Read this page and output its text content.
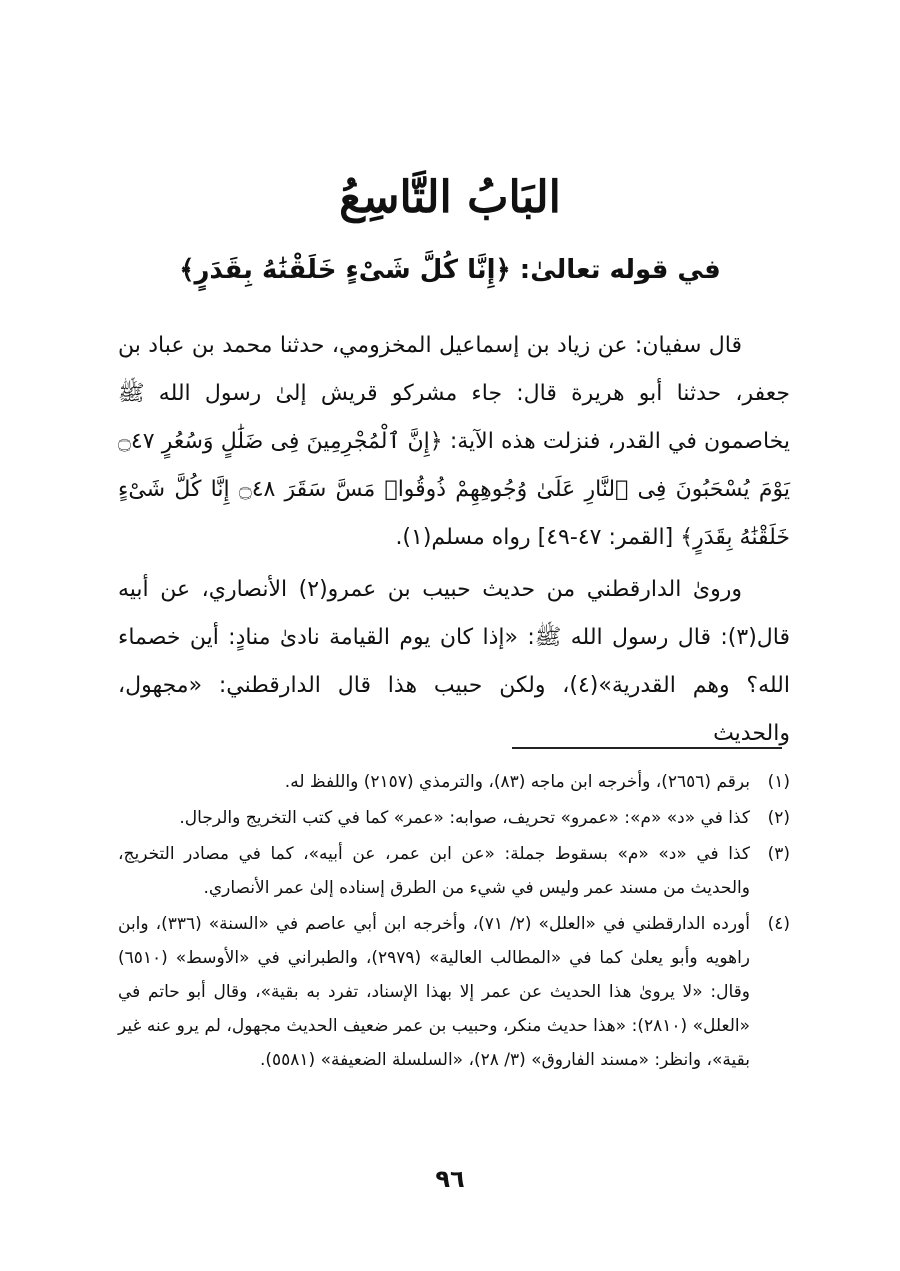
البَابُ التَّاسِعُ
في قوله تعالىٰ: ﴿إِنَّا كُلَّ شَىْءٍ خَلَقْنَٰهُ بِقَدَرٍ﴾

قال سفيان: عن زياد بن إسماعيل المخزومي، حدثنا محمد بن عباد بن جعفر، حدثنا أبو هريرة قال: جاء مشركو قريش إلىٰ رسول الله ﷺ يخاصمون في القدر، فنزلت هذه الآية: ﴿إِنَّ ٱلْمُجْرِمِينَ فِى ضَلَٰلٍ وَسُعُرٍ ۝٤٧ يَوْمَ يُسْحَبُونَ فِى ٱلنَّارِ عَلَىٰ وُجُوهِهِمْ ذُوقُوا۟ مَسَّ سَقَرَ ۝٤٨ إِنَّا كُلَّ شَىْءٍ خَلَقْنَٰهُ بِقَدَرٍ﴾ [القمر: ٤٧-٤٩] رواه مسلم(١).

وروىٰ الدارقطني من حديث حبيب بن عمرو(٢) الأنصاري، عن أبيه قال(٣): قال رسول الله ﷺ: «إذا كان يوم القيامة نادىٰ منادٍ: أين خصماء الله؟ وهم القدرية»(٤)، ولكن حبيب هذا قال الدارقطني: «مجهول، والحديث

(١)
برقم (٢٦٥٦)، وأخرجه ابن ماجه (٨٣)، والترمذي (٢١٥٧) واللفظ له.
(٢)
كذا في «د» «م»: «عمرو» تحريف، صوابه: «عمر» كما في كتب التخريج والرجال.
(٣)
كذا في «د» «م» بسقوط جملة: «عن ابن عمر، عن أبيه»، كما في مصادر التخريج، والحديث من مسند عمر وليس في شيء من الطرق إسناده إلىٰ عمر الأنصاري.
(٤)
أورده الدارقطني في «العلل» (٢/ ٧١)، وأخرجه ابن أبي عاصم في «السنة» (٣٣٦)، وابن راهويه وأبو يعلىٰ كما في «المطالب العالية» (٢٩٧٩)، والطبراني في «الأوسط» (٦٥١٠) وقال: «لا يروىٰ هذا الحديث عن عمر إلا بهذا الإسناد، تفرد به بقية»، وقال أبو حاتم في «العلل» (٢٨١٠): «هذا حديث منكر، وحبيب بن عمر ضعيف الحديث مجهول، لم يرو عنه غير بقية»، وانظر: «مسند الفاروق» (٣/ ٢٨)، «السلسلة الضعيفة» (٥٥٨١).
٩٦
